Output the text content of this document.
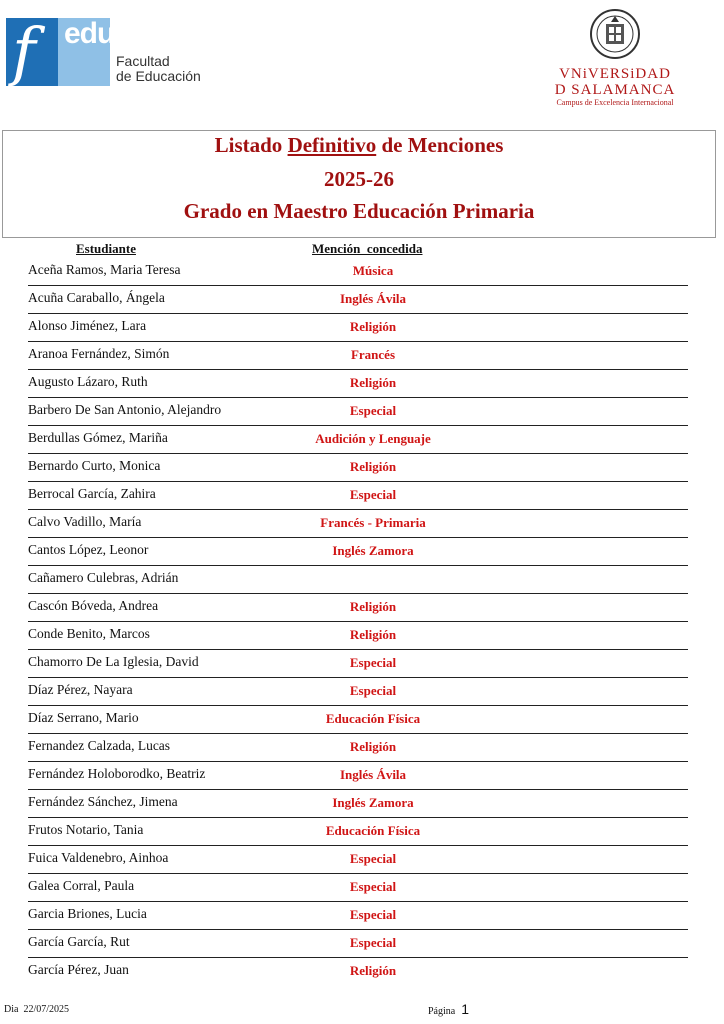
f edu
Facultad
de Educación	VNiVERSiDAD
D SALAMANCA
Campus de Excelencia Internacional
Listado Definitivo de Menciones
2025-26
Grado en Maestro Educación Primaria
Estudiante	Mención  concedida
Aceña Ramos, Maria Teresa	Música
Acuña Caraballo, Ángela	Inglés Ávila
Alonso Jiménez, Lara	Religión
Aranoa Fernández, Simón	Francés
Augusto Lázaro, Ruth	Religión
Barbero De San Antonio, Alejandro	Especial
Berdullas Gómez, Mariña	Audición y Lenguaje
Bernardo Curto, Monica	Religión
Berrocal García, Zahira	Especial
Calvo Vadillo, María	Francés - Primaria
Cantos López, Leonor	Inglés Zamora
Cañamero Culebras, Adrián
Cascón Bóveda, Andrea	Religión
Conde Benito, Marcos	Religión
Chamorro De La Iglesia, David	Especial
Díaz Pérez, Nayara	Especial
Díaz Serrano, Mario	Educación Física
Fernandez Calzada, Lucas	Religión
Fernández Holoborodko, Beatriz	Inglés Ávila
Fernández Sánchez, Jimena	Inglés Zamora
Frutos Notario, Tania	Educación Física
Fuica Valdenebro, Ainhoa	Especial
Galea Corral, Paula	Especial
Garcia Briones, Lucia	Especial
García García, Rut	Especial
García Pérez, Juan	Religión
Dia  22/07/2025	Página 1
